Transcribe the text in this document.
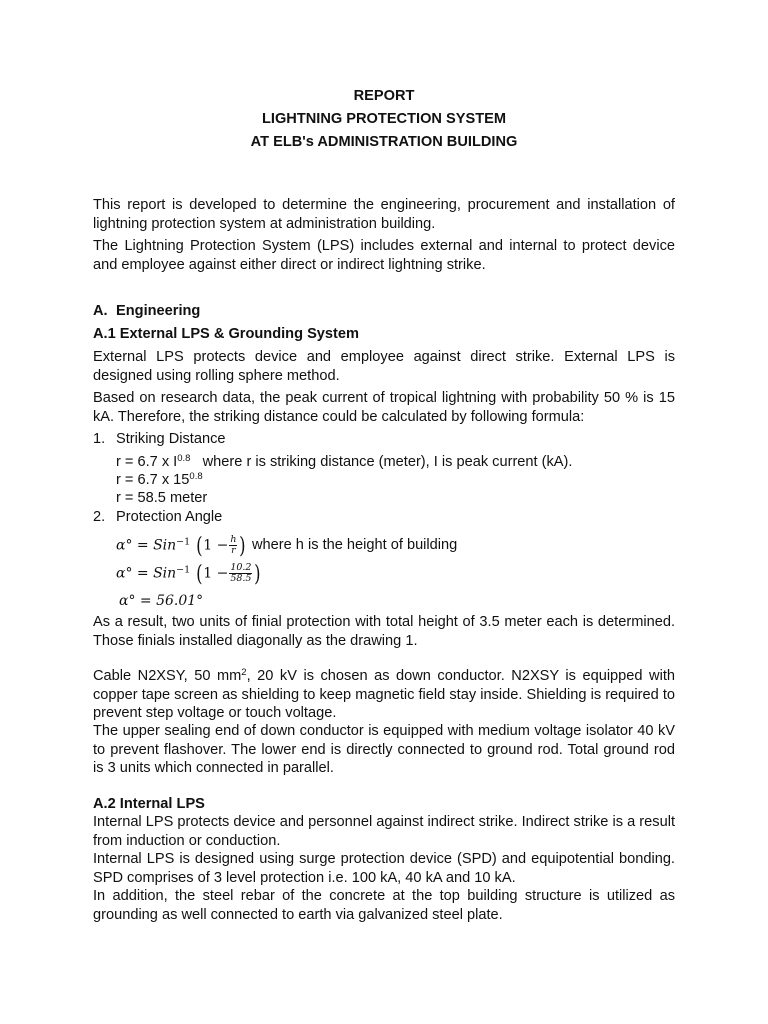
REPORT

LIGHTNING PROTECTION SYSTEM

AT ELB's ADMINISTRATION BUILDING

This report is developed to determine the engineering, procurement and installation of lightning protection system at administration building.

The Lightning Protection System (LPS) includes external and internal to protect device and employee against either direct or indirect lightning strike.

A. Engineering

A.1 External LPS & Grounding System

External LPS protects device and employee against direct strike. External LPS is designed using rolling sphere method.

Based on research data, the peak current of tropical lightning with probability 50 % is 15 kA. Therefore, the striking distance could be calculated by following formula:

1. Striking Distance

r = 6.7 x $I^{0.8}$ where r is striking distance (meter), I is peak current (kA).

r = 6.7 x $15^{0.8}$

r = 58.5 meter

2. Protection Angle

α° = Sin$^{-1}$ ($1 - \frac{h}{r}$ ) where h is the height of building
α° = Sin$^{-1}$ ($1 - \frac{10.2}{58.5}$ )
α° = 56.01°

As a result, two units of finial protection with total height of 3.5 meter each is determined. Those finials installed diagonally as the drawing 1.

Cable N2XSY, 50 $mm^2$, 20 kV is chosen as down conductor. N2XSY is equipped with copper tape screen as shielding to keep magnetic field stay inside. Shielding is required to prevent step voltage or touch voltage.

The upper sealing end of down conductor is equipped with medium voltage isolator 40 kV to prevent flashover. The lower end is directly connected to ground rod. Total ground rod is 3 units which connected in parallel.

A.2 Internal LPS

Internal LPS protects device and personnel against indirect strike. Indirect strike is a result from induction or conduction.

Internal LPS is designed using surge protection device (SPD) and equipotential bonding. SPD comprises of 3 level protection i.e. 100 kA, 40 kA and 10 kA.

In addition, the steel rebar of the concrete at the top building structure is utilized as grounding as well connected to earth via galvanized steel plate.
